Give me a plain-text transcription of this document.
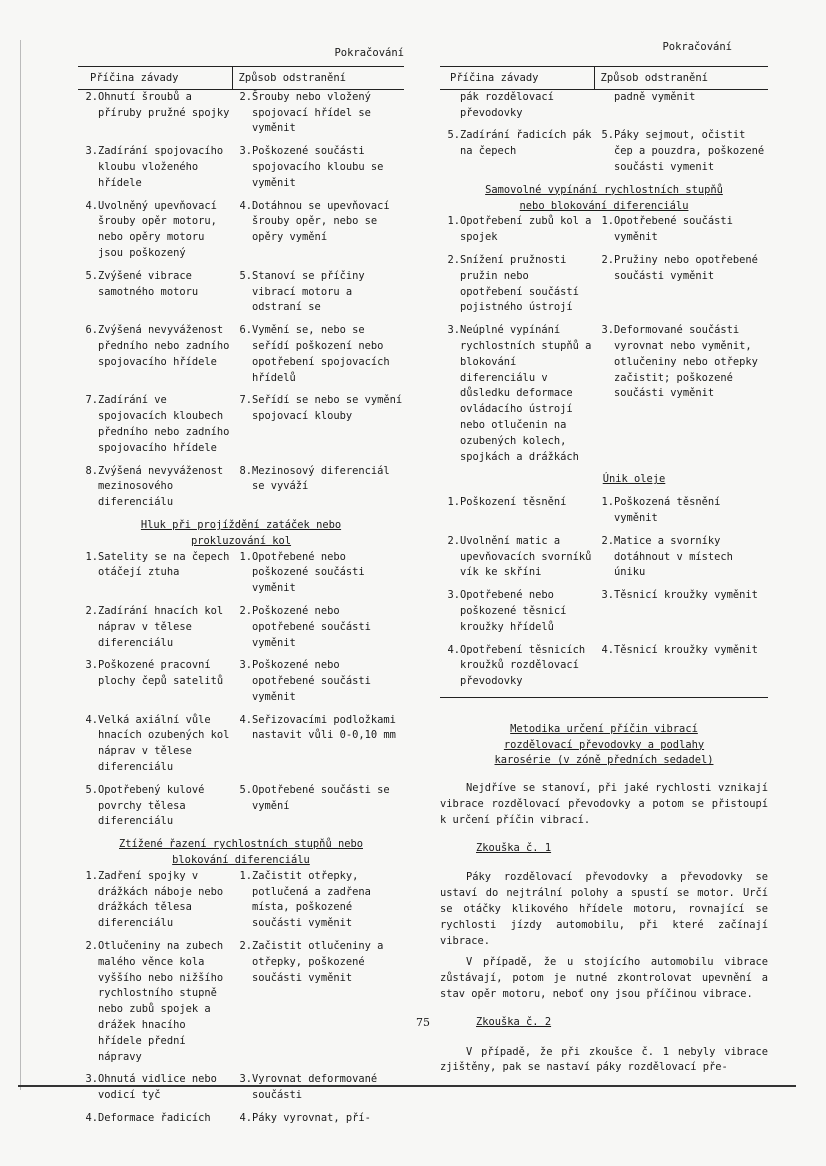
Pokračování
Příčina závady		Způsob odstranění	
2.	Ohnutí šroubů a příruby pružné spojky	2.	Šrouby nebo vložený spojovací hřídel se vyměnit
3.	Zadírání spojovacího kloubu vloženého hřídele	3.	Poškozené součásti spojovacího kloubu se vyměnit
4.	Uvolněný upevňovací šrouby opěr motoru, nebo opěry motoru jsou poškozený	4.	Dotáhnou se upevňovací šrouby opěr, nebo se opěry vymění
5.	Zvýšené vibrace samotného motoru	5.	Stanoví se příčiny vibrací motoru a odstraní se
6.	Zvýšená nevyváženost předního nebo zadního spojovacího hřídele	6.	Vymění se, nebo se seřídí poškození nebo opotřebení spojovacích hřídelů
7.	Zadírání ve spojovacích kloubech předního nebo zadního spojovacího hřídele	7.	Seřídí se nebo se vymění spojovací klouby
8.	Zvýšená nevyváženost mezinosového diferenciálu	8.	Mezinosový diferenciál se vyváží
Hluk při projíždění zatáček nebo prokluzování kol			
1.	Satelity se na čepech otáčejí ztuha	1.	Opotřebené nebo poškozené součásti vyměnit
2.	Zadírání hnacích kol náprav v tělese diferenciálu	2.	Poškozené nebo opotřebené součásti vyměnit
3.	Poškozené pracovní plochy čepů satelitů	3.	Poškozené nebo opotřebené součásti vyměnit
4.	Velká axiální vůle hnacích ozubených kol náprav v tělese diferenciálu	4.	Seřizovacími podložkami nastavit vůli 0-0,10 mm
5.	Opotřebený kulové povrchy tělesa diferenciálu	5.	Opotřebené součásti se vymění
Ztížené řazení rychlostních stupňů nebo blokování diferenciálu			
1.	Zadření spojky v drážkách náboje nebo drážkách tělesa diferenciálu	1.	Začistit otřepky, potlučená a zadřena místa, poškozené součásti vyměnit
2.	Otlučeniny na zubech malého věnce kola vyššího nebo nižšího rychlostního stupně nebo zubů spojek a drážek hnacího hřídele přední nápravy	2.	Začistit otlučeniny a otřepky, poškozené součásti vyměnit
3.	Ohnutá vidlice nebo vodicí tyč	3.	Vyrovnat deformované součásti
4.	Deformace řadicích	4.	Páky vyrovnat, pří-
Pokračování
Příčina závady		Způsob odstranění	
	pák rozdělovací převodovky		padně vyměnit
5.	Zadírání řadicích pák na čepech	5.	Páky sejmout, očistit čep a pouzdra, poškozené součásti vymenit
Samovolné vypínání rychlostních stupňů nebo blokování diferenciálu			
1.	Opotřebení zubů kol a spojek	1.	Opotřebené součásti vyměnit
2.	Snížení pružnosti pružin nebo opotřebení součástí pojistného ústrojí	2.	Pružiny nebo opotřebené součásti vyměnit
3.	Neúplné vypínání rychlostních stupňů a blokování diferenciálu v důsledku deformace ovládacího ústrojí nebo otlučenin na ozubených kolech, spojkách a drážkách	3.	Deformované součásti vyrovnat nebo vyměnit, otlučeniny nebo otřepky začistit; poškozené součásti vyměnit
Únik oleje			
1.	Poškození těsnění	1.	Poškozená těsnění vyměnit
2.	Uvolnění matic a upevňovacích svorníků vík ke skříni	2.	Matice a svorníky dotáhnout v místech úniku
3.	Opotřebené nebo poškozené těsnicí kroužky hřídelů	3.	Těsnicí kroužky vyměnit
4.	Opotřebení těsnicích kroužků rozdělovací převodovky	4.	Těsnicí kroužky vyměnit
Metodika určení příčin vibrací rozdělovací převodovky a podlahy karosérie (v zóně předních sedadel)

Nejdříve se stanoví, při jaké rychlosti vznikají vibrace rozdělovací převodovky a potom se přistoupí k určení příčin vibrací.

Zkouška č. 1

Páky rozdělovací převodovky a převodovky se ustaví do nejtrální polohy a spustí se motor. Určí se otáčky klikového hřídele motoru, rovnající se rychlosti jízdy automobilu, při které začínají vibrace.

V případě, že u stojícího automobilu vibrace zůstávají, potom je nutné zkontrolovat upevnění a stav opěr motoru, neboť ony jsou příčinou vibrace.

Zkouška č. 2

V případě, že při zkoušce č. 1 nebyly vibrace zjištěny, pak se nastaví páky rozdělovací pře-

75
